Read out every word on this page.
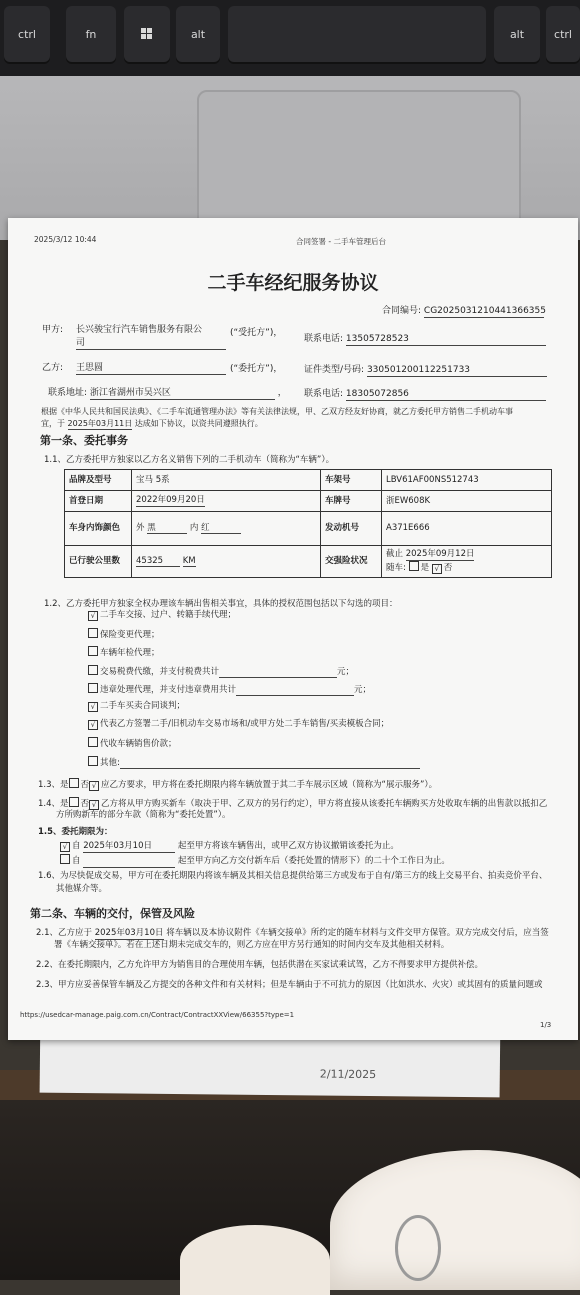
ctrl	fn	alt	alt	ctrl
2/11/2025
2025/3/12 10:44	合同签署 - 二手车管理后台
二手车经纪服务协议
合同编号: CG2025031210441366355
甲方: 长兴骏宝行汽车销售服务有限公
司
(“受托方”)，
联系电话: 13505728523
乙方: 王思圆	(“委托方”)， 证件类型/号码: 330501200112251733
联系地址: 浙江省湖州市吴兴区	， 联系电话: 18305072856
根据《中华人民共和国民法典》、《二手车流通管理办法》等有关法律法规，甲、乙双方经友好协商，就乙方委托甲方销售二手机动车事
宜，于 2025年03月11日 达成如下协议，以资共同遵照执行。
第一条、委托事务
1.1、乙方委托甲方独家以乙方名义销售下列的二手机动车（简称为“车辆”）。
品牌及型号	宝马 5系	车架号	LBV61AF00NS512743
首登日期	2022年09月20日	车牌号	浙EW608K
车身内饰颜色	外 黑 内 红	发动机号	A371E666
已行驶公里数	45325 KM	交强险状况	截止 2025年09月12日
随车: 是 √ 否
1.2、乙方委托甲方独家全权办理该车辆出售相关事宜，具体的授权范围包括以下勾选的项目：
√二手车交接、过户、转籍手续代理；
保险变更代理；
车辆年检代理；
交易税费代缴，并支付税费共计	元；
违章处理代理，并支付违章费用共计	元；
√二手车买卖合同谈判；
√代表乙方签署二手/旧机动车交易市场和/或甲方处二手车销售/买卖模板合同；
代收车辆销售价款；
其他:
1.3、是 否 √ 应乙方要求，甲方将在委托期限内将车辆放置于其二手车展示区域（简称为“展示服务”）。
1.4、是 否 √ 乙方将从甲方购买新车（取决于甲、乙双方的另行约定），甲方将直接从该委托车辆购买方处收取车辆的出售款以抵扣乙
方所购新车的部分车款（简称为“委托处置”）。
1.5、委托期限为：
√自 2025年03月10日	起至甲方将该车辆售出，或甲乙双方协议撤销该委托为止。
自	起至甲方向乙方交付新车后（委托处置的情形下）的二十个工作日为止。
1.6、为尽快促成交易，甲方可在委托期限内将该车辆及其相关信息提供给第三方或发布于自有/第三方的线上交易平台、拍卖竞价平台、
其他媒介等。
第二条、车辆的交付，保管及风险
2.1、乙方应于 2025年03月10日 将车辆以及本协议附件《车辆交接单》所约定的随车材料与文件交甲方保管。双方完成交付后，应当签
署《车辆交接单》。若在上述日期未完成交车的，则乙方应在甲方另行通知的时间内交车及其他相关材料。
2.2、在委托期限内，乙方允许甲方为销售目的合理使用车辆，包括供潜在买家试乘试驾，乙方不得要求甲方提供补偿。
2.3、甲方应妥善保管车辆及乙方提交的各种文件和有关材料；但是车辆由于不可抗力的原因（比如洪水、火灾）或其固有的质量问题或
https://usedcar-manage.paig.com.cn/Contract/ContractXXView/66355?type=1
1/3
